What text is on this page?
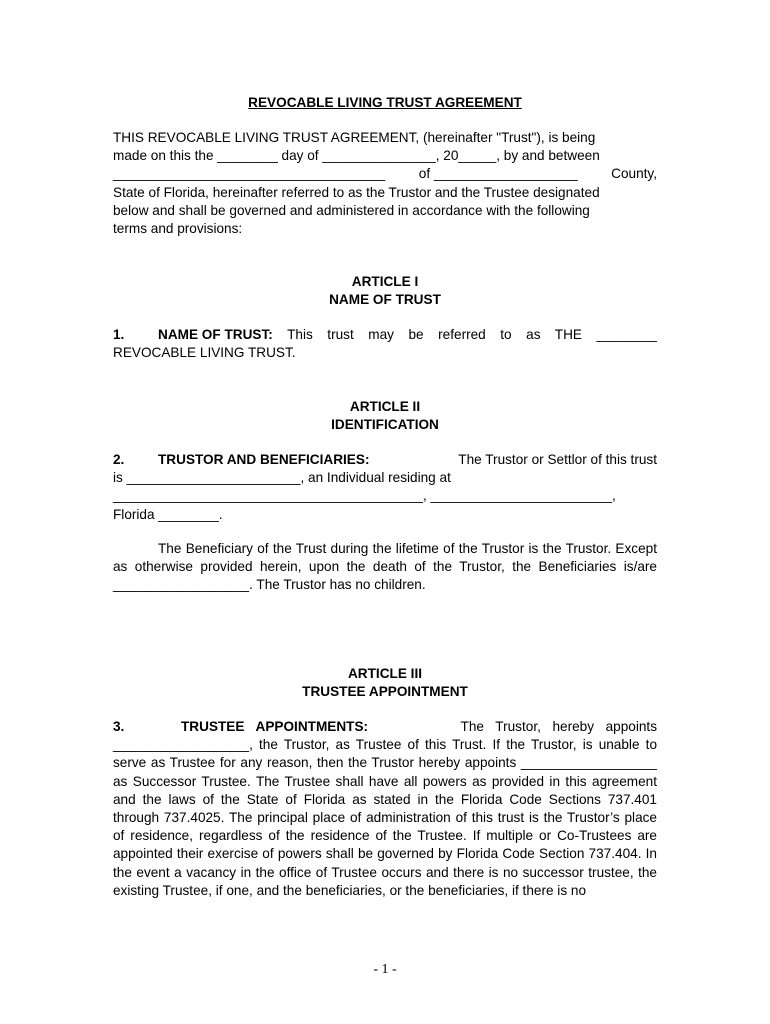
REVOCABLE LIVING TRUST AGREEMENT
THIS REVOCABLE LIVING TRUST AGREEMENT, (hereinafter "Trust"), is being
made on this the ________ day of _______________, 20_____, by and between
____________________________________ of ___________________ County,
State of Florida, hereinafter referred to as the Trustor and the Trustee designated
below and shall be governed and administered in accordance with the following
terms and provisions:
ARTICLE I
NAME OF TRUST
1.	NAME OF TRUST: This trust may be referred to as THE ________
REVOCABLE LIVING TRUST.
ARTICLE II
IDENTIFICATION
2.	TRUSTOR AND BENEFICIARIES:	The Trustor or Settlor of this trust
is _______________________, an Individual residing at
_________________________________________, ________________________,
Florida ________.
The Beneficiary of the Trust during the lifetime of the Trustor is the Trustor. Except as otherwise provided herein, upon the death of the Trustor, the Beneficiaries is/are __________________. The Trustor has no children.
ARTICLE III
TRUSTEE APPOINTMENT
3.	TRUSTEE APPOINTMENTS:	The Trustor, hereby appoints __________________, the Trustor, as Trustee of this Trust. If the Trustor, is unable to serve as Trustee for any reason, then the Trustor hereby appoints __________________ as Successor Trustee. The Trustee shall have all powers as provided in this agreement and the laws of the State of Florida as stated in the Florida Code Sections 737.401 through 737.4025. The principal place of administration of this trust is the Trustor’s place of residence, regardless of the residence of the Trustee. If multiple or Co-Trustees are appointed their exercise of powers shall be governed by Florida Code Section 737.404. In the event a vacancy in the office of Trustee occurs and there is no successor trustee, the existing Trustee, if one, and the beneficiaries, or the beneficiaries, if there is no
- 1 -
